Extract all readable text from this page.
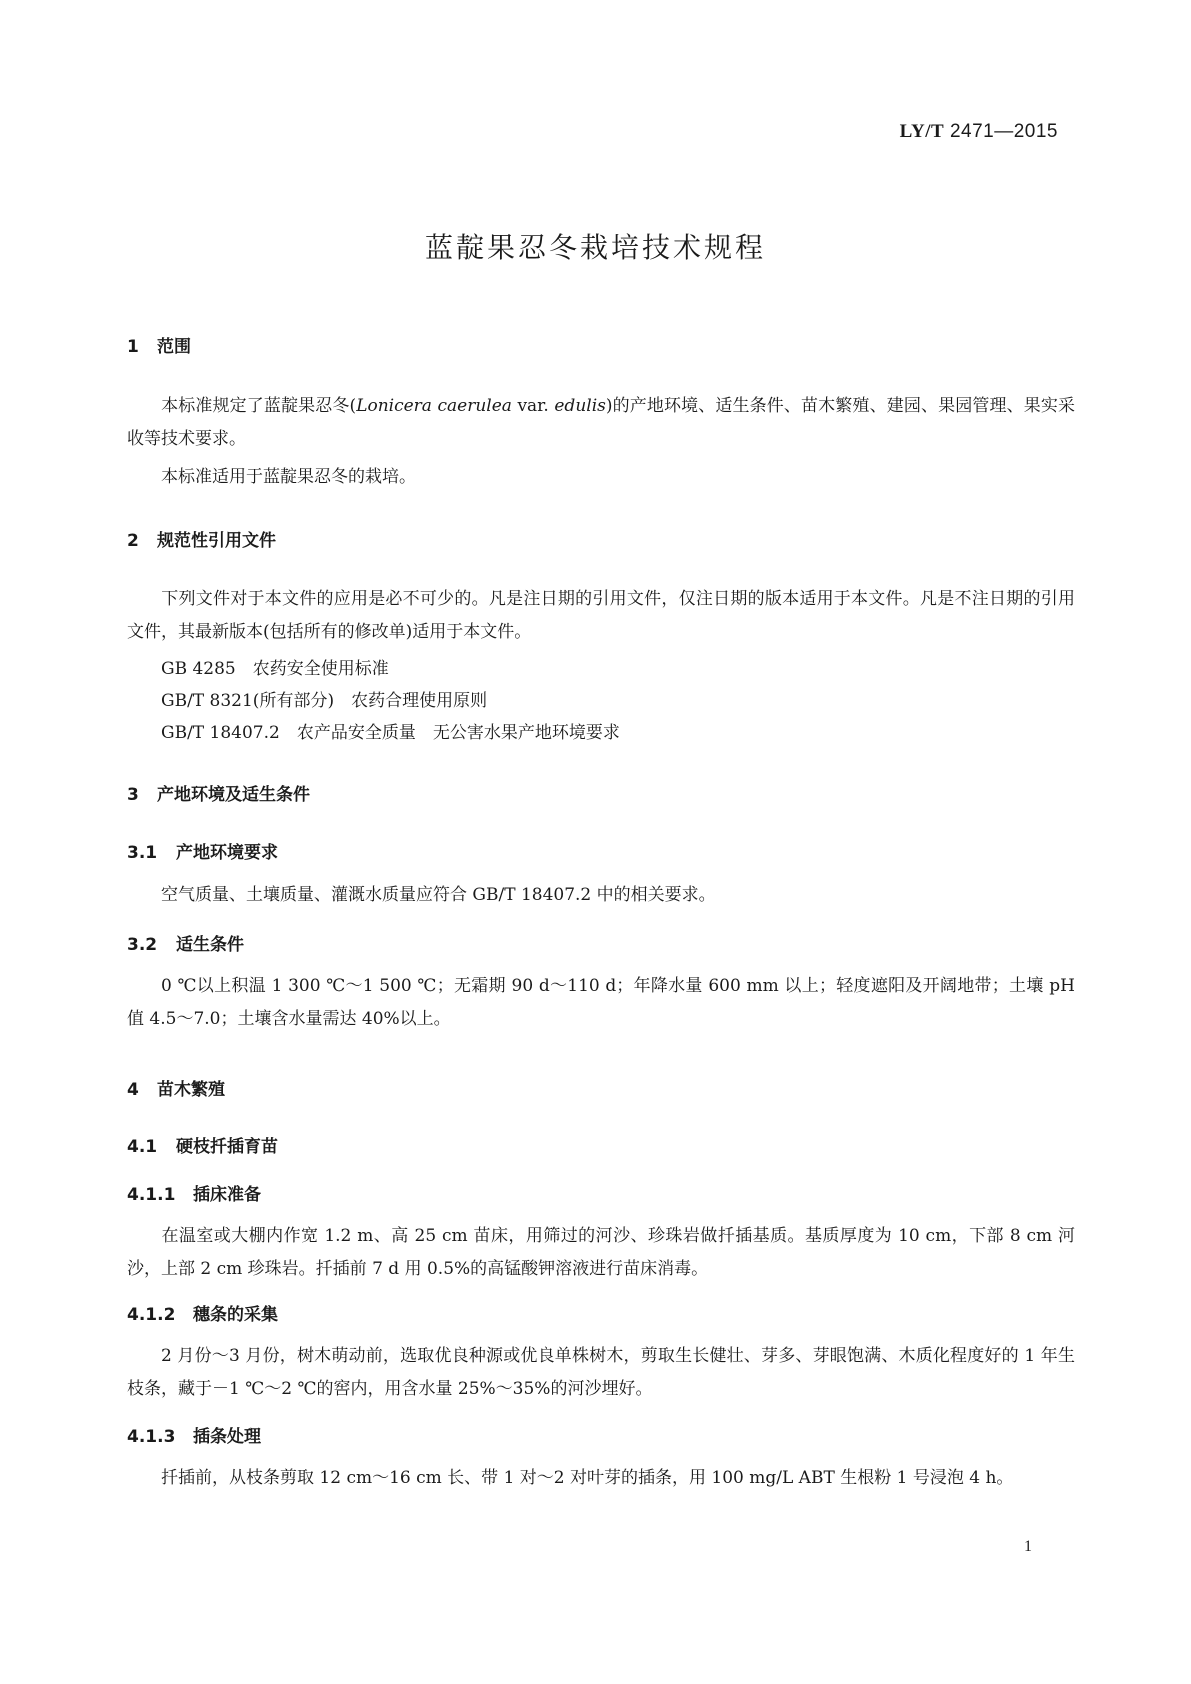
LY/T 2471—2015
蓝靛果忍冬栽培技术规程
1 范围
本标准规定了蓝靛果忍冬(Lonicera caerulea var. edulis)的产地环境、适生条件、苗木繁殖、建园、果园管理、果实采收等技术要求。
本标准适用于蓝靛果忍冬的栽培。
2 规范性引用文件
下列文件对于本文件的应用是必不可少的。凡是注日期的引用文件，仅注日期的版本适用于本文件。凡是不注日期的引用文件，其最新版本(包括所有的修改单)适用于本文件。
GB 4285　农药安全使用标准
GB/T 8321(所有部分)　农药合理使用原则
GB/T 18407.2　农产品安全质量　无公害水果产地环境要求
3 产地环境及适生条件
3.1 产地环境要求
空气质量、土壤质量、灌溉水质量应符合 GB/T 18407.2 中的相关要求。
3.2 适生条件
0 ℃以上积温 1 300 ℃～1 500 ℃；无霜期 90 d～110 d；年降水量 600 mm 以上；轻度遮阳及开阔地带；土壤 pH 值 4.5～7.0；土壤含水量需达 40%以上。
4 苗木繁殖
4.1 硬枝扦插育苗
4.1.1 插床准备
在温室或大棚内作宽 1.2 m、高 25 cm 苗床，用筛过的河沙、珍珠岩做扦插基质。基质厚度为 10 cm，下部 8 cm 河沙，上部 2 cm 珍珠岩。扦插前 7 d 用 0.5%的高锰酸钾溶液进行苗床消毒。
4.1.2 穗条的采集
2 月份～3 月份，树木萌动前，选取优良种源或优良单株树木，剪取生长健壮、芽多、芽眼饱满、木质化程度好的 1 年生枝条，藏于－1 ℃～2 ℃的窖内，用含水量 25%～35%的河沙埋好。
4.1.3 插条处理
扦插前，从枝条剪取 12 cm～16 cm 长、带 1 对～2 对叶芽的插条，用 100 mg/L ABT 生根粉 1 号浸泡 4 h。
1
